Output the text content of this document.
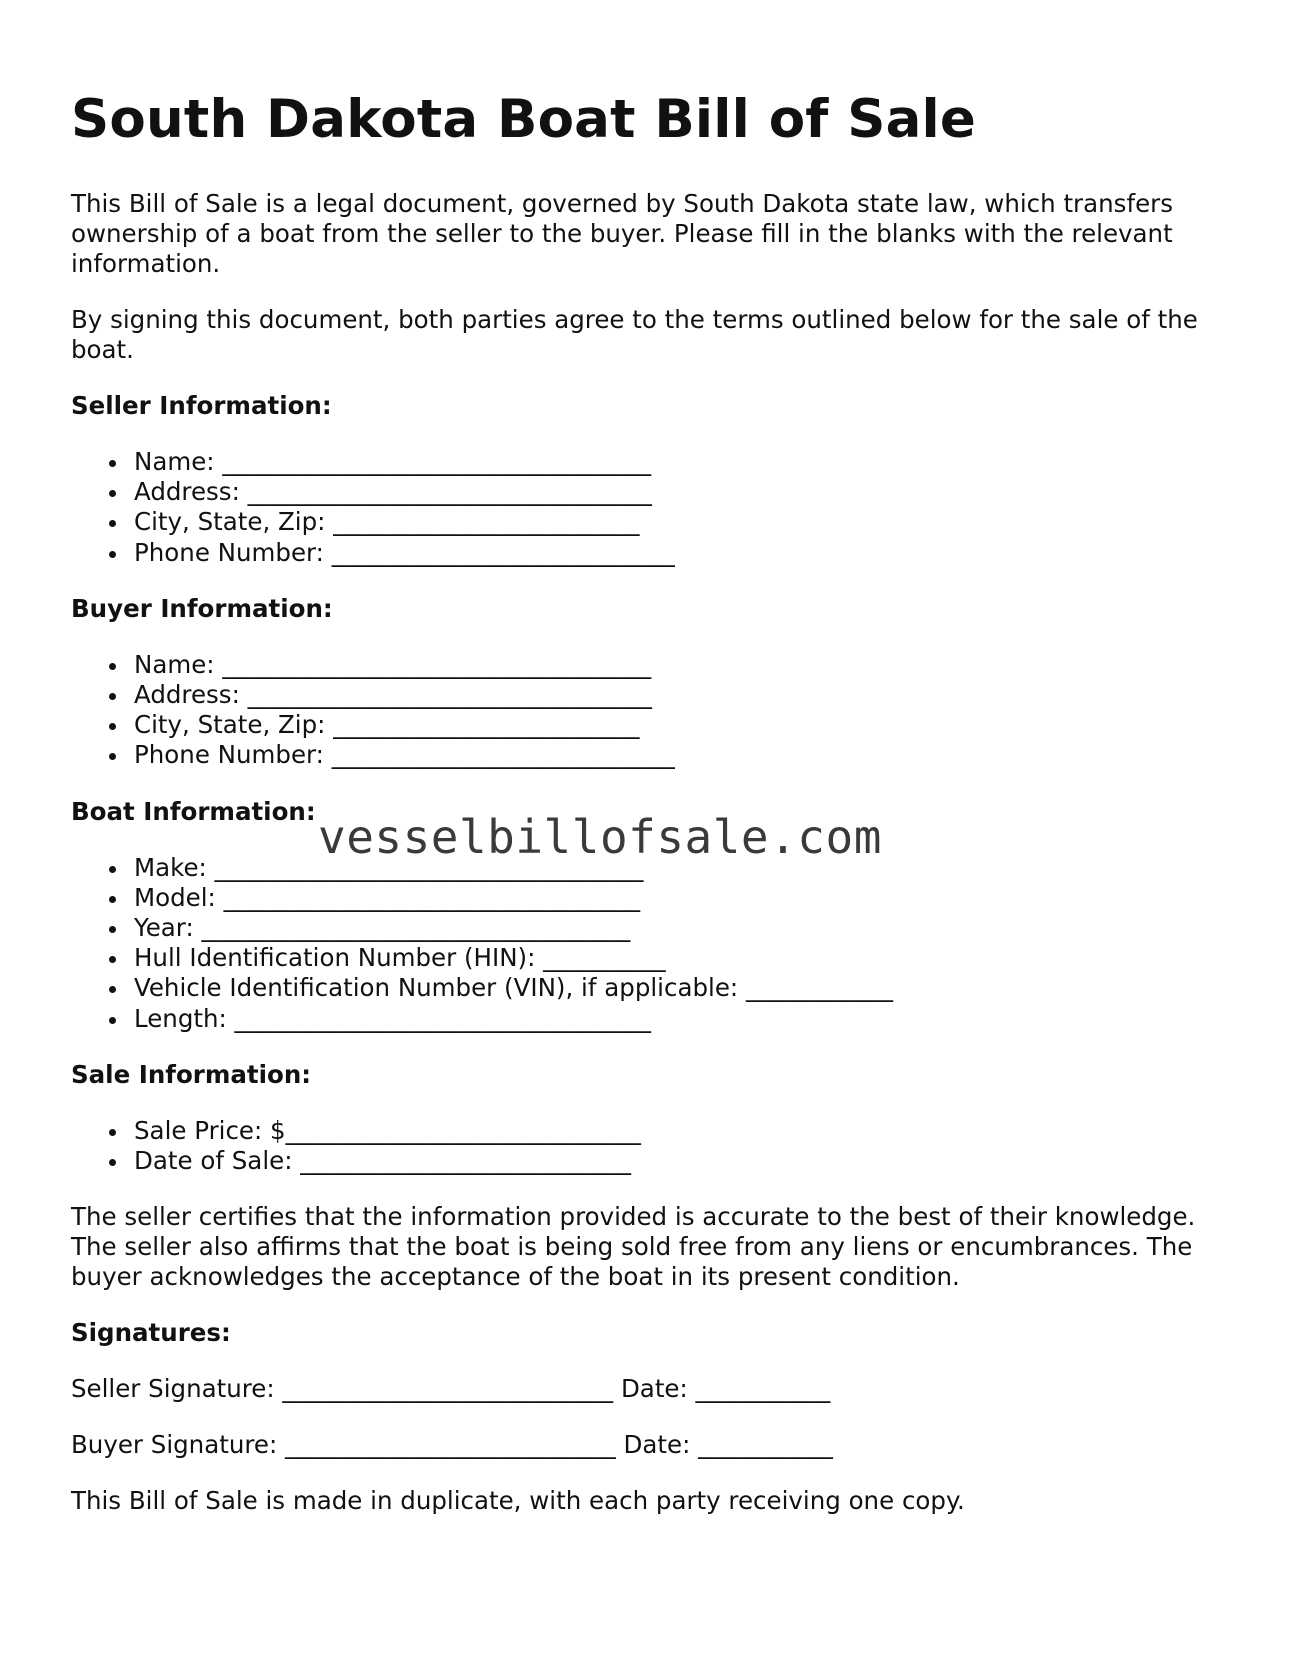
South Dakota Boat Bill of Sale

This Bill of Sale is a legal document, governed by South Dakota state law, which transfers ownership of a boat from the seller to the buyer. Please fill in the blanks with the relevant information.

By signing this document, both parties agree to the terms outlined below for the sale of the boat.

Seller Information:
Name: ___________________________________
Address: _________________________________
City, State, Zip: _________________________
Phone Number: ____________________________
Buyer Information:
Name: ___________________________________
Address: _________________________________
City, State, Zip: _________________________
Phone Number: ____________________________
Boat Information:
Make: ___________________________________
Model: __________________________________
Year: ___________________________________
Hull Identification Number (HIN): __________
Vehicle Identification Number (VIN), if applicable: ____________
Length: __________________________________
Sale Information:
Sale Price: $_____________________________
Date of Sale: ___________________________

The seller certifies that the information provided is accurate to the best of their knowledge. The seller also affirms that the boat is being sold free from any liens or encumbrances. The buyer acknowledges the acceptance of the boat in its present condition.

Signatures:
Seller Signature: ___________________________ Date: ___________
Buyer Signature: ___________________________ Date: ___________

This Bill of Sale is made in duplicate, with each party receiving one copy.

vesselbillofsale.com
